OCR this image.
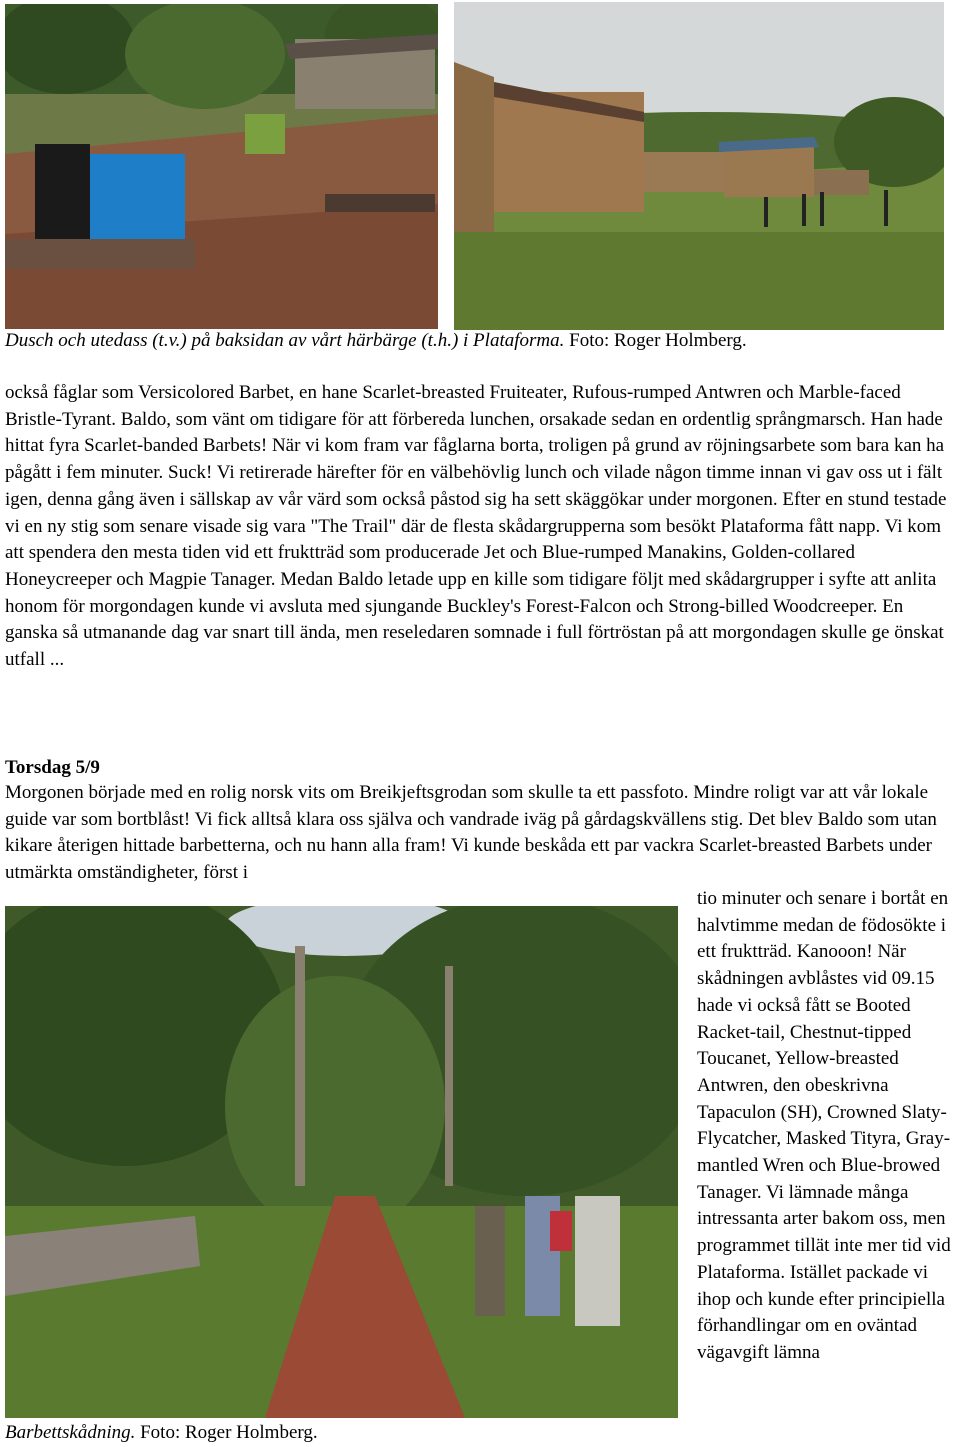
Dusch och utedass (t.v.) på baksidan av vårt härbärge (t.h.) i Plataforma. Foto: Roger Holmberg.

också fåglar som Versicolored Barbet, en hane Scarlet-breasted Fruiteater, Rufous-rumped Antwren och Marble-faced Bristle-Tyrant. Baldo, som vänt om tidigare för att förbereda lunchen, orsakade sedan en ordentlig språngmarsch. Han hade hittat fyra Scarlet-banded Barbets! När vi kom fram var fåglarna borta, troligen på grund av röjningsarbete som bara kan ha pågått i fem minuter. Suck! Vi retirerade härefter för en välbehövlig lunch och vilade någon timme innan vi gav oss ut i fält igen, denna gång även i sällskap av vår värd som också påstod sig ha sett skäggökar under morgonen. Efter en stund testade vi en ny stig som senare visade sig vara "The Trail" där de flesta skådargrupperna som besökt Plataforma fått napp. Vi kom att spendera den mesta tiden vid ett fruktträd som producerade Jet och Blue-rumped Manakins, Golden-collared Honeycreeper och Magpie Tanager. Medan Baldo letade upp en kille som tidigare följt med skådargrupper i syfte att anlita honom för morgondagen kunde vi avsluta med sjungande Buckley's Forest-Falcon och Strong-billed Woodcreeper. En ganska så utmanande dag var snart till ända, men reseledaren somnade i full förtröstan på att morgondagen skulle ge önskat utfall ...

Torsdag 5/9

Morgonen började med en rolig norsk vits om Breikjeftsgrodan som skulle ta ett passfoto. Mindre roligt var att vår lokale guide var som bortblåst! Vi fick alltså klara oss själva och vandrade iväg på gårdagskvällens stig. Det blev Baldo som utan kikare återigen hittade barbetterna, och nu hann alla fram! Vi kunde beskåda ett par vackra Scarlet-breasted Barbets under utmärkta omständigheter, först i

Barbettskådning. Foto: Roger Holmberg.

tio minuter och senare i bortåt en halvtimme medan de födosökte i ett fruktträd. Kanooon! När skådningen avblåstes vid 09.15 hade vi också fått se Booted Racket-tail, Chestnut-tipped Toucanet, Yellow-breasted Antwren, den obeskrivna Tapaculon (SH), Crowned Slaty-Flycatcher, Masked Tityra, Gray-mantled Wren och Blue-browed Tanager. Vi lämnade många intressanta arter bakom oss, men programmet tillät inte mer tid vid Plataforma. Istället packade vi ihop och kunde efter principiella förhandlingar om en oväntad vägavgift lämna
